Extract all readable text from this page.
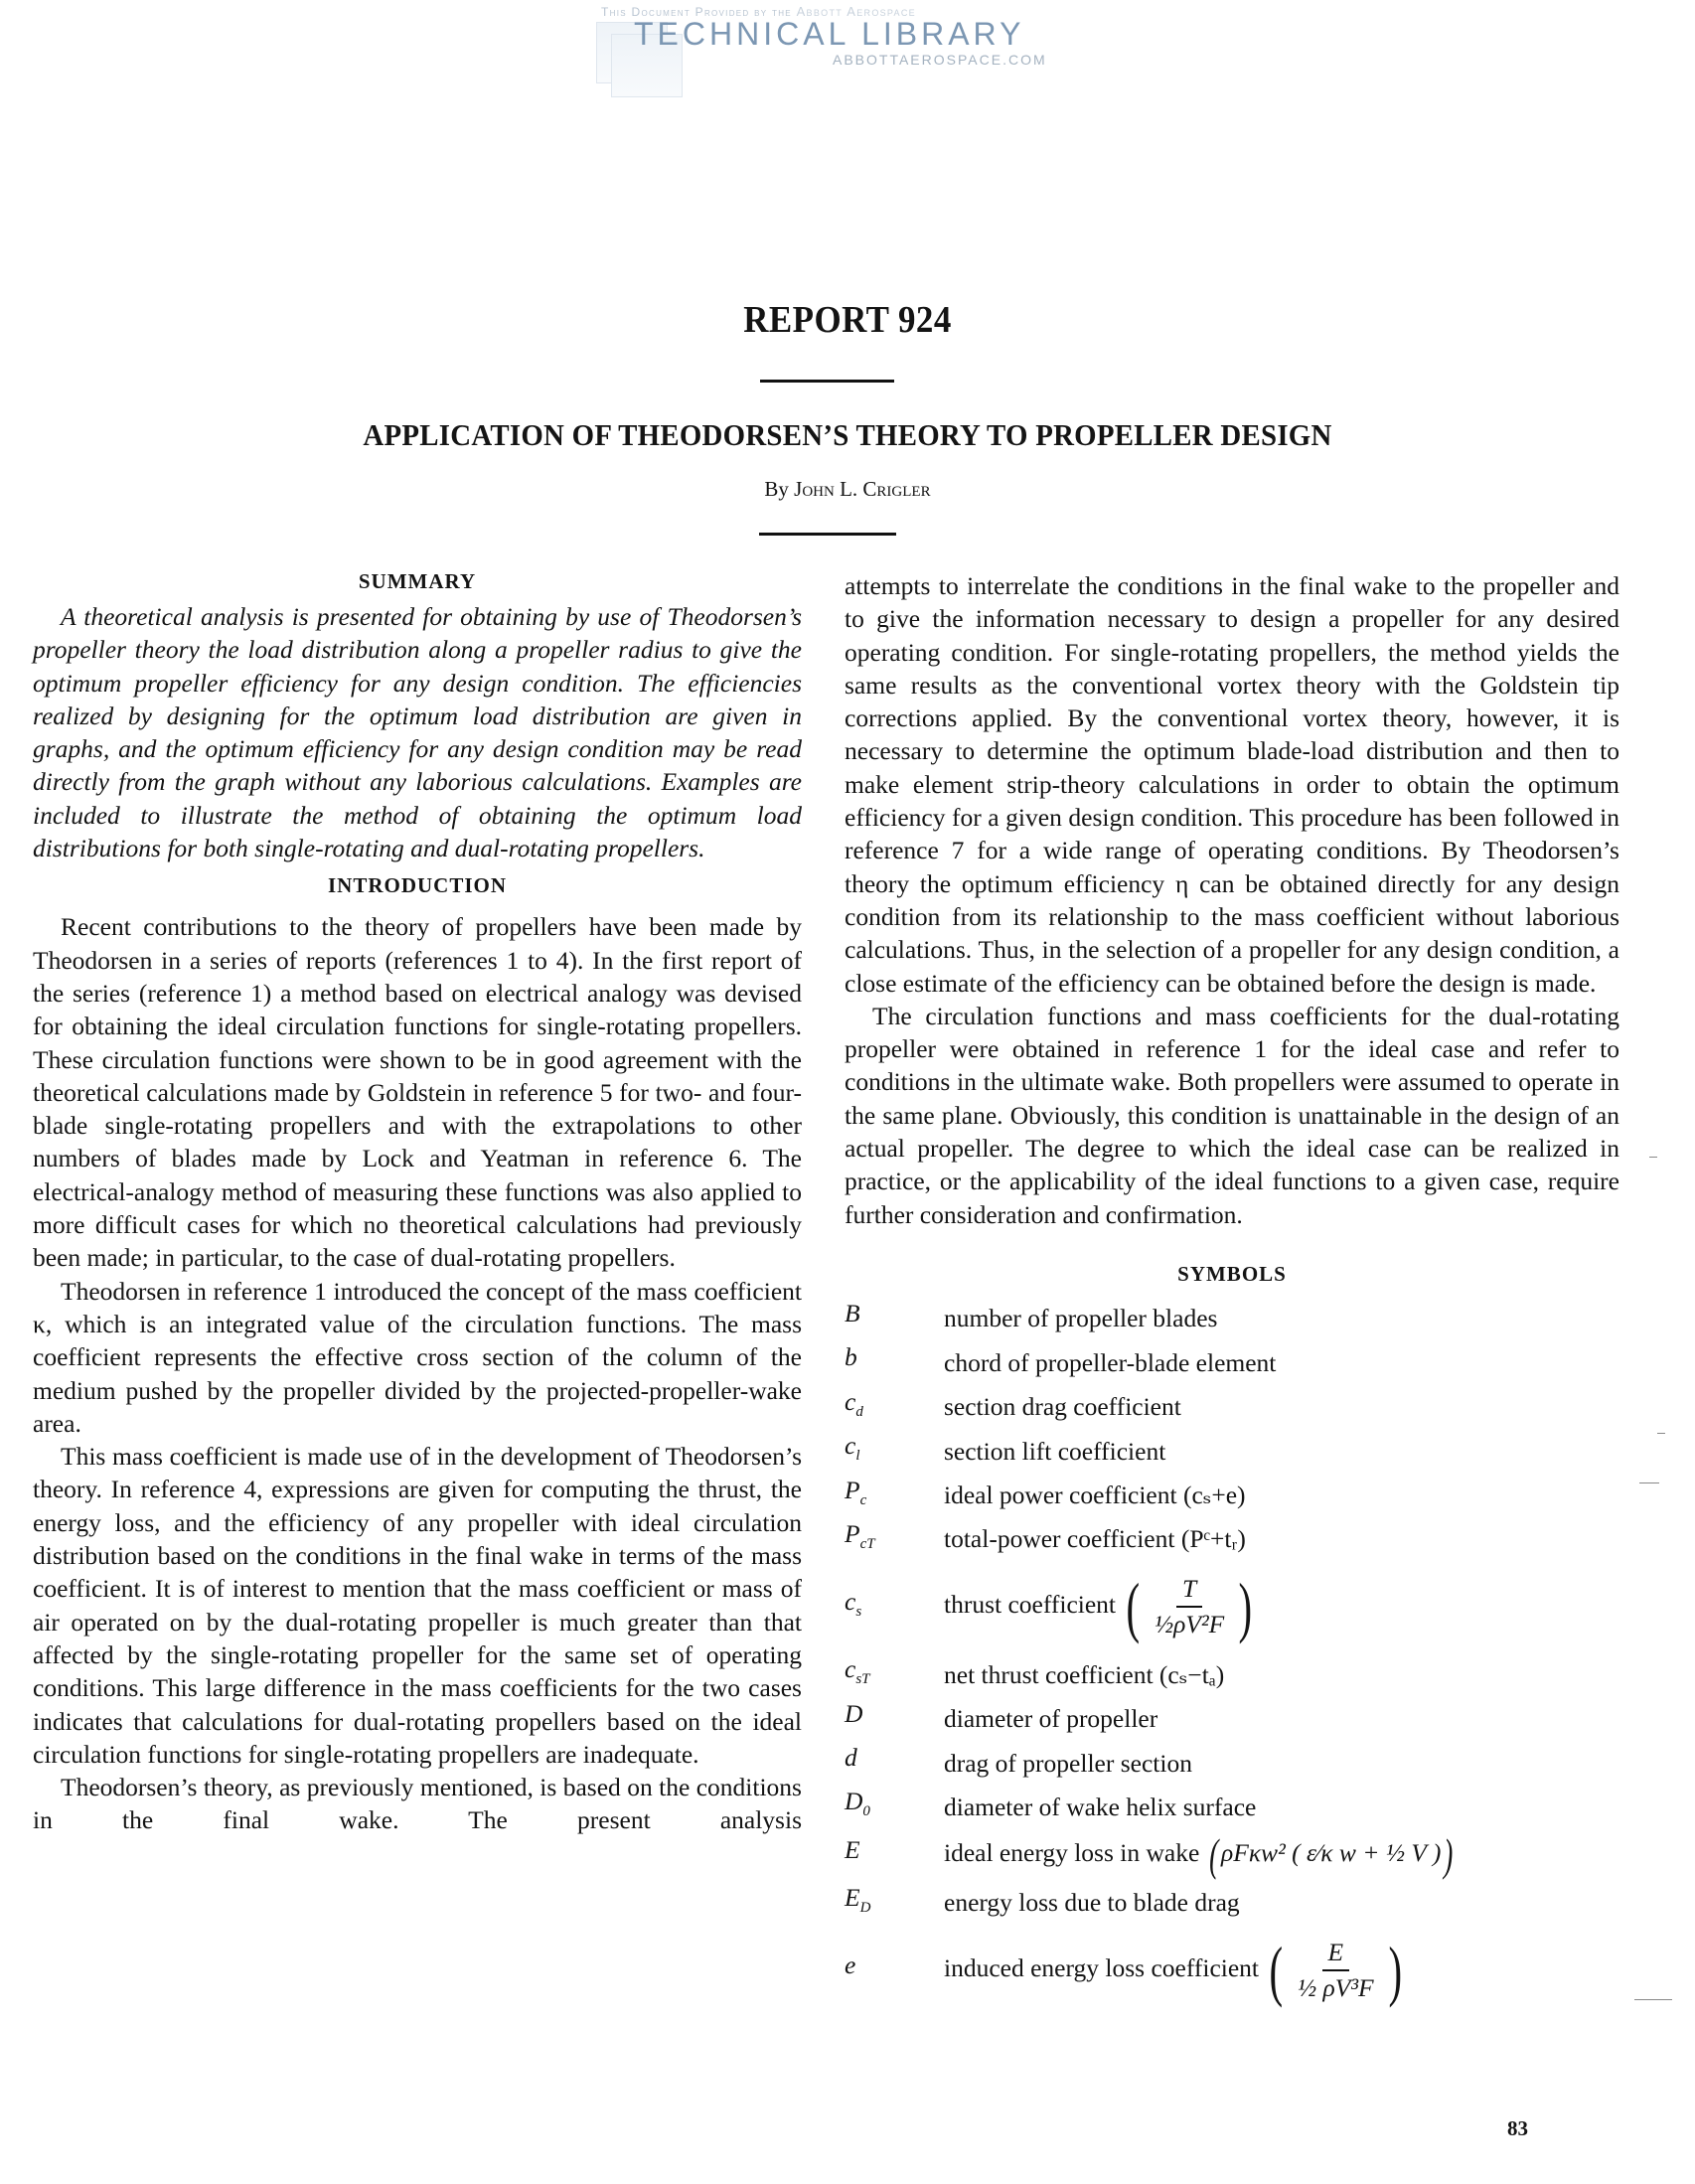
This Document Provided by the Abbott Aerospace
TECHNICAL LIBRARY
ABBOTTAEROSPACE.COM
REPORT 924
APPLICATION OF THEODORSEN’S THEORY TO PROPELLER DESIGN
By John L. Crigler
SUMMARY

A theoretical analysis is presented for obtaining by use of Theodorsen’s propeller theory the load distribution along a propeller radius to give the optimum propeller efficiency for any design condition. The efficiencies realized by designing for the optimum load distribution are given in graphs, and the optimum efficiency for any design condition may be read directly from the graph without any laborious calculations. Examples are included to illustrate the method of obtaining the optimum load distributions for both single-rotating and dual-rotating propellers.

INTRODUCTION

Recent contributions to the theory of propellers have been made by Theodorsen in a series of reports (references 1 to 4). In the first report of the series (reference 1) a method based on electrical analogy was devised for obtaining the ideal circulation functions for single-rotating propellers. These circulation functions were shown to be in good agreement with the theoretical calculations made by Goldstein in reference 5 for two- and four-blade single-rotating propellers and with the extrapolations to other numbers of blades made by Lock and Yeatman in reference 6. The electrical-analogy method of measuring these functions was also applied to more difficult cases for which no theoretical calculations had previously been made; in particular, to the case of dual-rotating propellers.

Theodorsen in reference 1 introduced the concept of the mass coefficient κ, which is an integrated value of the circulation functions. The mass coefficient represents the effective cross section of the column of the medium pushed by the propeller divided by the projected-propeller-wake area.

This mass coefficient is made use of in the development of Theodorsen’s theory. In reference 4, expressions are given for computing the thrust, the energy loss, and the efficiency of any propeller with ideal circulation distribution based on the conditions in the final wake in terms of the mass coefficient. It is of interest to mention that the mass coefficient or mass of air operated on by the dual-rotating propeller is much greater than that affected by the single-rotating propeller for the same set of operating conditions. This large difference in the mass coefficients for the two cases indicates that calculations for dual-rotating propellers based on the ideal circulation functions for single-rotating propellers are inadequate.

Theodorsen’s theory, as previously mentioned, is based on the conditions in the final wake. The present analysis

attempts to interrelate the conditions in the final wake to the propeller and to give the information necessary to design a propeller for any desired operating condition. For single-rotating propellers, the method yields the same results as the conventional vortex theory with the Goldstein tip corrections applied. By the conventional vortex theory, however, it is necessary to determine the optimum blade-load distribution and then to make element strip-theory calculations in order to obtain the optimum efficiency for a given design condition. This procedure has been followed in reference 7 for a wide range of operating conditions. By Theodorsen’s theory the optimum efficiency η can be obtained directly for any design condition from its relationship to the mass coefficient without laborious calculations. Thus, in the selection of a propeller for any design condition, a close estimate of the efficiency can be obtained before the design is made.

The circulation functions and mass coefficients for the dual-rotating propeller were obtained in reference 1 for the ideal case and refer to conditions in the ultimate wake. Both propellers were assumed to operate in the same plane. Obviously, this condition is unattainable in the design of an actual propeller. The degree to which the ideal case can be realized in practice, or the applicability of the ideal functions to a given case, require further consideration and confirmation.

SYMBOLS
B	number of propeller blades
b	chord of propeller-blade element
$c_d$	section drag coefficient
$c_l$	section lift coefficient
$P_c$	ideal power coefficient (cₛ+e)
$P_{cT}$	total-power coefficient (Pᶜ+tᵣ)
$c_s$	thrust coefficient ( $\frac{T}{\text{½ρV²F}}$ )
$c_{sT}$	net thrust coefficient (cₛ−tₐ)
D	diameter of propeller
d	drag of propeller section
$D_0$	diameter of wake helix surface
E	ideal energy loss in wake ( ρFκw² ( ε⁄κ w + ½ V ))
$E_D$	energy loss due to blade drag
e	induced energy loss coefficient ( $\frac{E}{\text{½ ρV³F}}$ )
83
